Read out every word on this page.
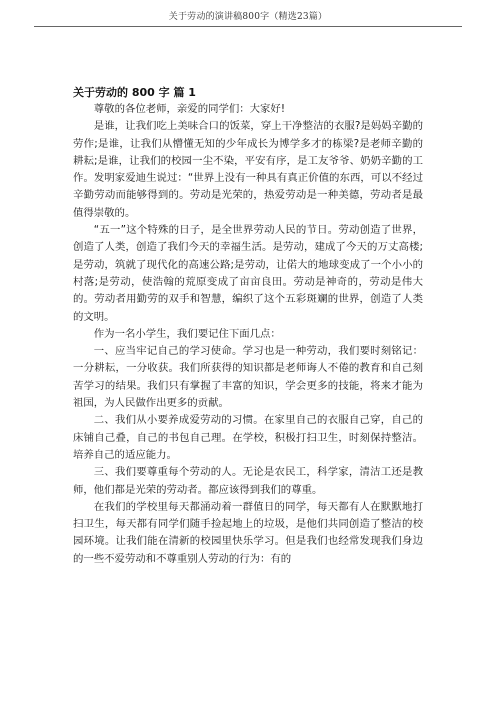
关于劳动的演讲稿800字（精选23篇）
关于劳动的 800 字 篇 1

尊敬的各位老师，亲爱的同学们：大家好!

是谁，让我们吃上美味合口的饭菜，穿上干净整洁的衣服?是妈妈辛勤的劳作;是谁，让我们从懵懂无知的少年成长为博学多才的栋梁?是老师辛勤的耕耘;是谁，让我们的校园一尘不染，平安有序，是工友爷爷、奶奶辛勤的工作。发明家爱迪生说过：“世界上没有一种具有真正价值的东西，可以不经过辛勤劳动而能够得到的。劳动是光荣的，热爱劳动是一种美德，劳动者是最值得崇敬的。

“五一”这个特殊的日子，是全世界劳动人民的节日。劳动创造了世界，创造了人类，创造了我们今天的幸福生活。是劳动，建成了今天的万丈高楼;是劳动，筑就了现代化的高速公路;是劳动，让偌大的地球变成了一个小小的村落;是劳动，使浩翰的荒原变成了亩亩良田。劳动是神奇的，劳动是伟大的。劳动者用勤劳的双手和智慧，编织了这个五彩斑斓的世界，创造了人类的文明。

作为一名小学生，我们要记住下面几点：

一、应当牢记自己的学习使命。学习也是一种劳动，我们要时刻铭记：一分耕耘，一分收获。我们所获得的知识都是老师诲人不倦的教育和自己刻苦学习的结果。我们只有掌握了丰富的知识，学会更多的技能，将来才能为祖国，为人民做作出更多的贡献。

二、我们从小要养成爱劳动的习惯。在家里自己的衣服自己穿，自己的床铺自己叠，自己的书包自己理。在学校，积极打扫卫生，时刻保持整洁。培养自己的适应能力。

三、我们要尊重每个劳动的人。无论是农民工，科学家，清洁工还是教师，他们都是光荣的劳动者。都应该得到我们的尊重。

在我们的学校里每天都涌动着一群值日的同学，每天都有人在默默地打扫卫生，每天都有同学们随手捡起地上的垃圾，是他们共同创造了整洁的校园环境。让我们能在清新的校园里快乐学习。但是我们也经常发现我们身边的一些不爱劳动和不尊重别人劳动的行为：有的
